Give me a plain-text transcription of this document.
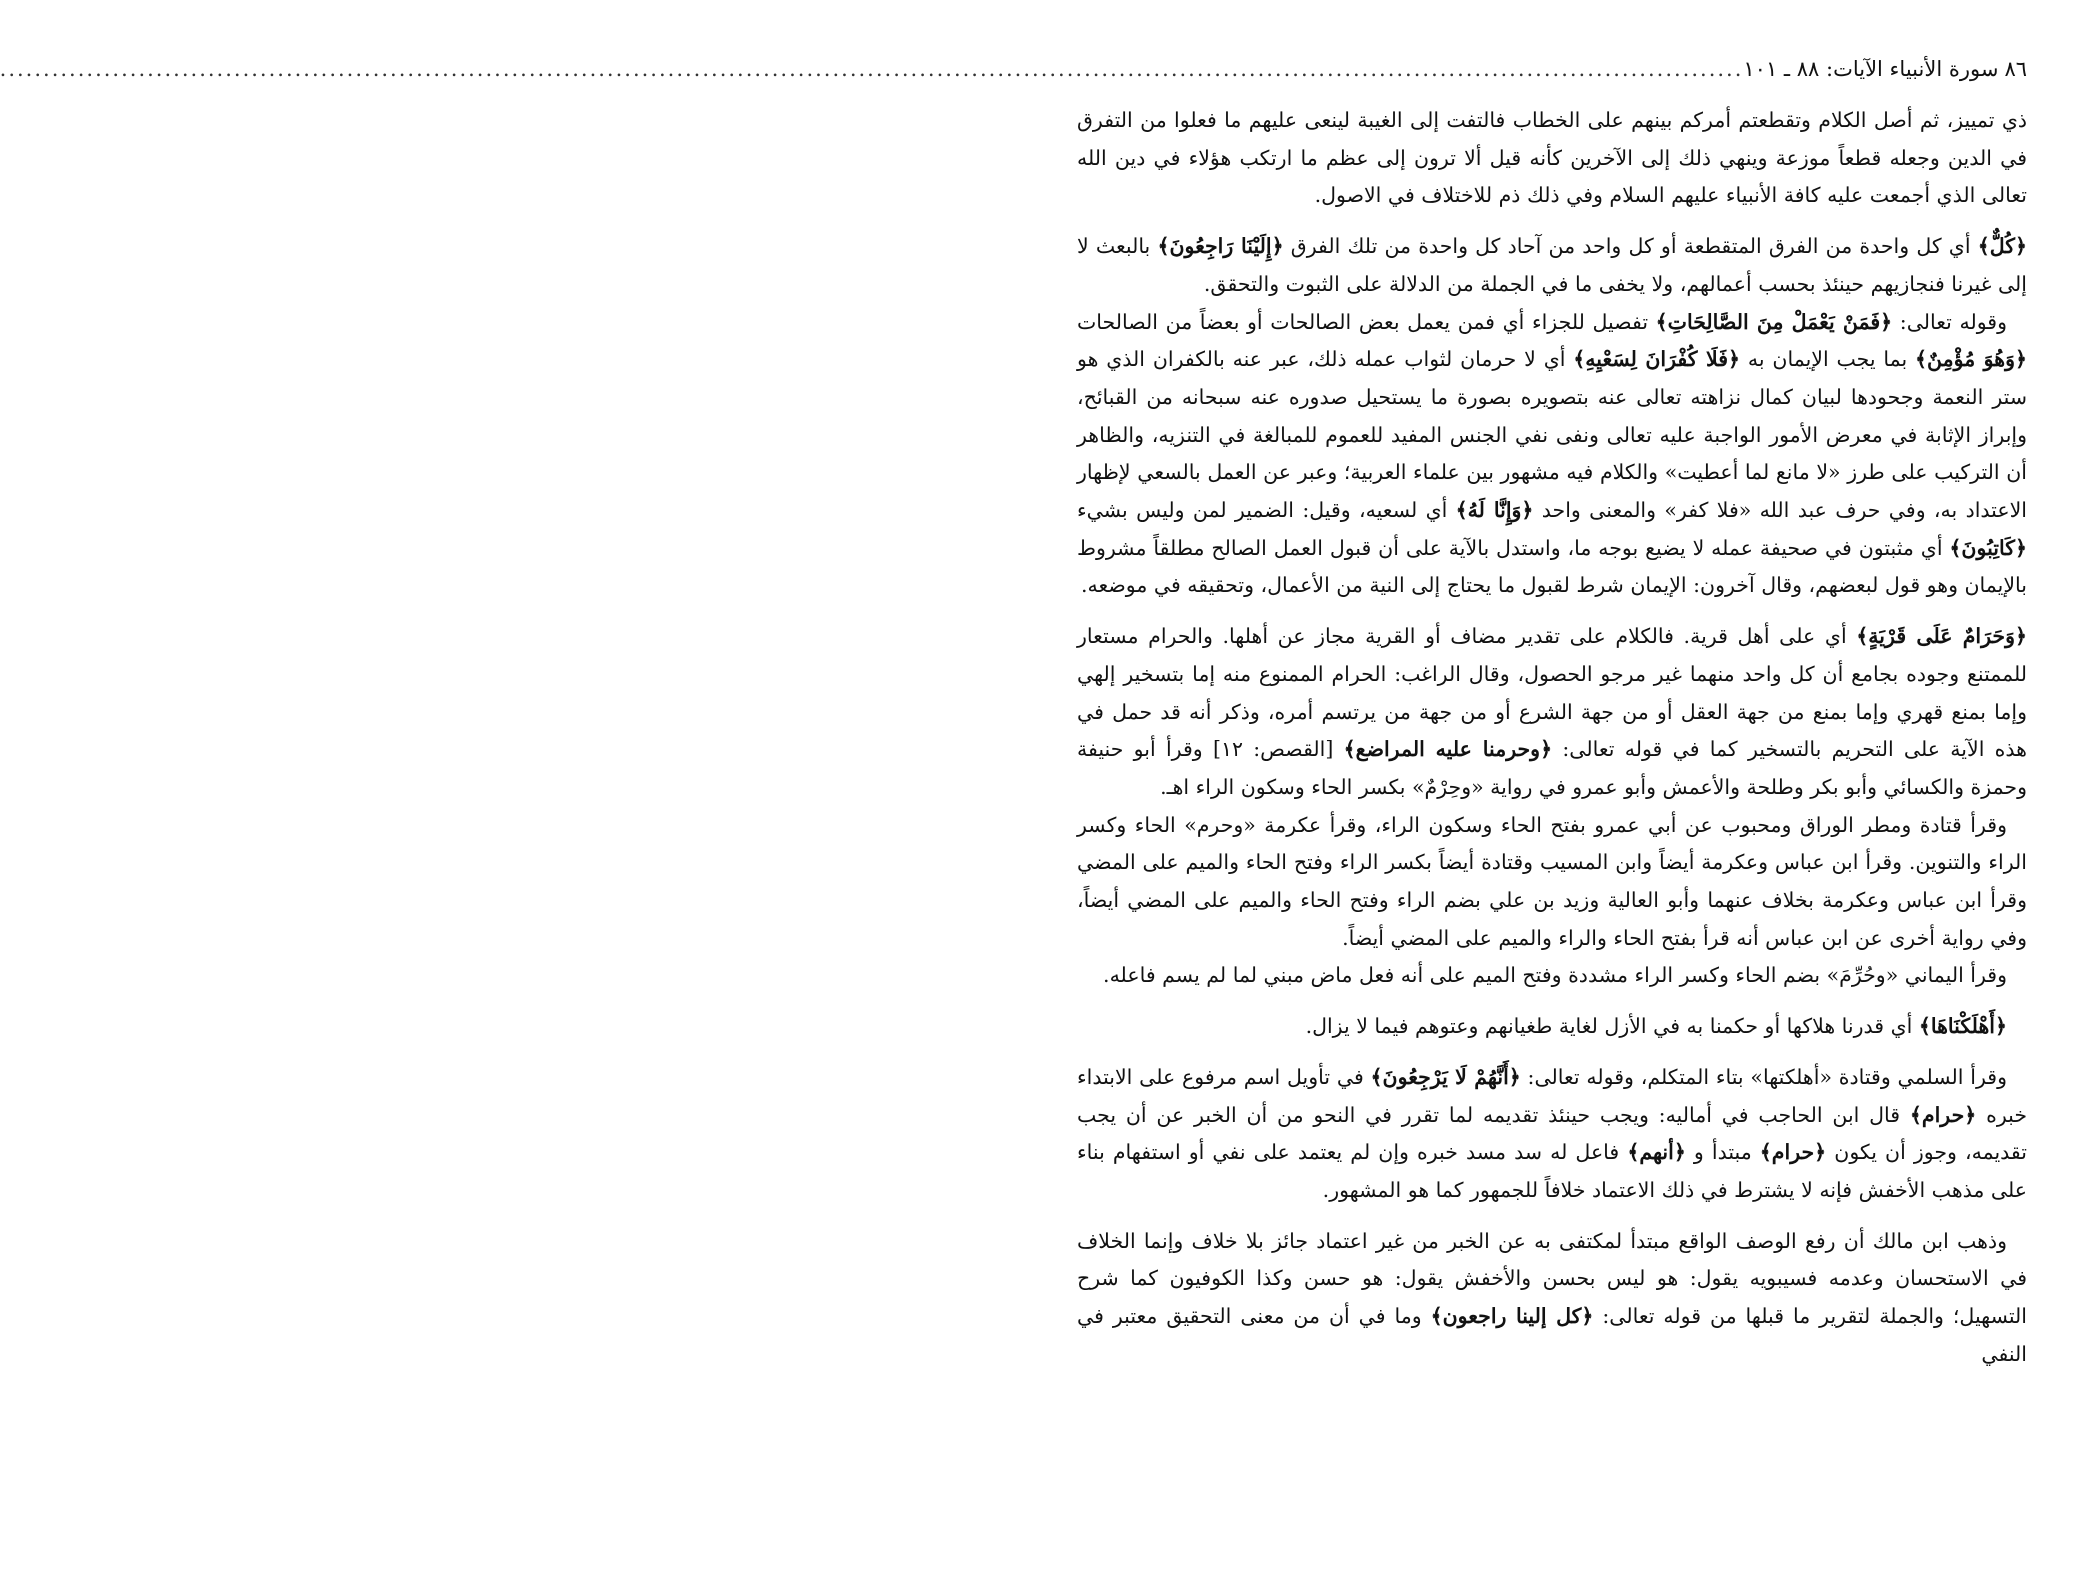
٨٦
سورة الأنبياء الآيات: ٨٨ ـ ١٠١
.........................................................................................................................................................................................................

ذي تمييز، ثم أصل الكلام وتقطعتم أمركم بينهم على الخطاب فالتفت إلى الغيبة لينعى عليهم ما فعلوا من التفرق في الدين وجعله قطعاً موزعة وينهي ذلك إلى الآخرين كأنه قيل ألا ترون إلى عظم ما ارتكب هؤلاء في دين الله تعالى الذي أجمعت عليه كافة الأنبياء عليهم السلام وفي ذلك ذم للاختلاف في الاصول.

﴿كُلٌّ﴾ أي كل واحدة من الفرق المتقطعة أو كل واحد من آحاد كل واحدة من تلك الفرق ﴿إِلَيْنَا رَاجِعُونَ﴾ بالبعث لا إلى غيرنا فنجازيهم حينئذ بحسب أعمالهم، ولا يخفى ما في الجملة من الدلالة على الثبوت والتحقق.

وقوله تعالى: ﴿فَمَنْ يَعْمَلْ مِنَ الصَّالِحَاتِ﴾ تفصيل للجزاء أي فمن يعمل بعض الصالحات أو بعضاً من الصالحات ﴿وَهُوَ مُؤْمِنٌ﴾ بما يجب الإيمان به ﴿فَلَا كُفْرَانَ لِسَعْيِهِ﴾ أي لا حرمان لثواب عمله ذلك، عبر عنه بالكفران الذي هو ستر النعمة وجحودها لبيان كمال نزاهته تعالى عنه بتصويره بصورة ما يستحيل صدوره عنه سبحانه من القبائح، وإبراز الإثابة في معرض الأمور الواجبة عليه تعالى ونفى نفي الجنس المفيد للعموم للمبالغة في التنزيه، والظاهر أن التركيب على طرز «لا مانع لما أعطيت» والكلام فيه مشهور بين علماء العربية؛ وعبر عن العمل بالسعي لإظهار الاعتداد به، وفي حرف عبد الله «فلا كفر» والمعنى واحد ﴿وَإِنَّا لَهُ﴾ أي لسعيه، وقيل: الضمير لمن وليس بشيء ﴿كَاتِبُونَ﴾ أي مثبتون في صحيفة عمله لا يضيع بوجه ما، واستدل بالآية على أن قبول العمل الصالح مطلقاً مشروط بالإيمان وهو قول لبعضهم، وقال آخرون: الإيمان شرط لقبول ما يحتاج إلى النية من الأعمال، وتحقيقه في موضعه.

﴿وَحَرَامٌ عَلَى قَرْيَةٍ﴾ أي على أهل قرية. فالكلام على تقدير مضاف أو القرية مجاز عن أهلها. والحرام مستعار للممتنع وجوده بجامع أن كل واحد منهما غير مرجو الحصول، وقال الراغب: الحرام الممنوع منه إما بتسخير إلهي وإما بمنع قهري وإما بمنع من جهة العقل أو من جهة الشرع أو من جهة من يرتسم أمره، وذكر أنه قد حمل في هذه الآية على التحريم بالتسخير كما في قوله تعالى: ﴿وحرمنا عليه المراضع﴾ [القصص: ١٢] وقرأ أبو حنيفة وحمزة والكسائي وأبو بكر وطلحة والأعمش وأبو عمرو في رواية «وحِرْمٌ» بكسر الحاء وسكون الراء اهـ.

وقرأ قتادة ومطر الوراق ومحبوب عن أبي عمرو بفتح الحاء وسكون الراء، وقرأ عكرمة «وحرم» الحاء وكسر الراء والتنوين. وقرأ ابن عباس وعكرمة أيضاً وابن المسيب وقتادة أيضاً بكسر الراء وفتح الحاء والميم على المضي وقرأ ابن عباس وعكرمة بخلاف عنهما وأبو العالية وزيد بن علي بضم الراء وفتح الحاء والميم على المضي أيضاً، وفي رواية أخرى عن ابن عباس أنه قرأ بفتح الحاء والراء والميم على المضي أيضاً.

وقرأ اليماني «وحُرِّمَ» بضم الحاء وكسر الراء مشددة وفتح الميم على أنه فعل ماض مبني لما لم يسم فاعله.

﴿أَهْلَكْنَاهَا﴾ أي قدرنا هلاكها أو حكمنا به في الأزل لغاية طغيانهم وعتوهم فيما لا يزال.

وقرأ السلمي وقتادة «أهلكتها» بتاء المتكلم، وقوله تعالى: ﴿أَنَّهُمْ لَا يَرْجِعُونَ﴾ في تأويل اسم مرفوع على الابتداء خبره ﴿حرام﴾ قال ابن الحاجب في أماليه: ويجب حينئذ تقديمه لما تقرر في النحو من أن الخبر عن أن يجب تقديمه، وجوز أن يكون ﴿حرام﴾ مبتدأ و ﴿أنهم﴾ فاعل له سد مسد خبره وإن لم يعتمد على نفي أو استفهام بناء على مذهب الأخفش فإنه لا يشترط في ذلك الاعتماد خلافاً للجمهور كما هو المشهور.

وذهب ابن مالك أن رفع الوصف الواقع مبتدأ لمكتفى به عن الخبر من غير اعتماد جائز بلا خلاف وإنما الخلاف في الاستحسان وعدمه فسيبويه يقول: هو ليس بحسن والأخفش يقول: هو حسن وكذا الكوفيون كما شرح التسهيل؛ والجملة لتقرير ما قبلها من قوله تعالى: ﴿كل إلينا راجعون﴾ وما في أن من معنى التحقيق معتبر في النفي
